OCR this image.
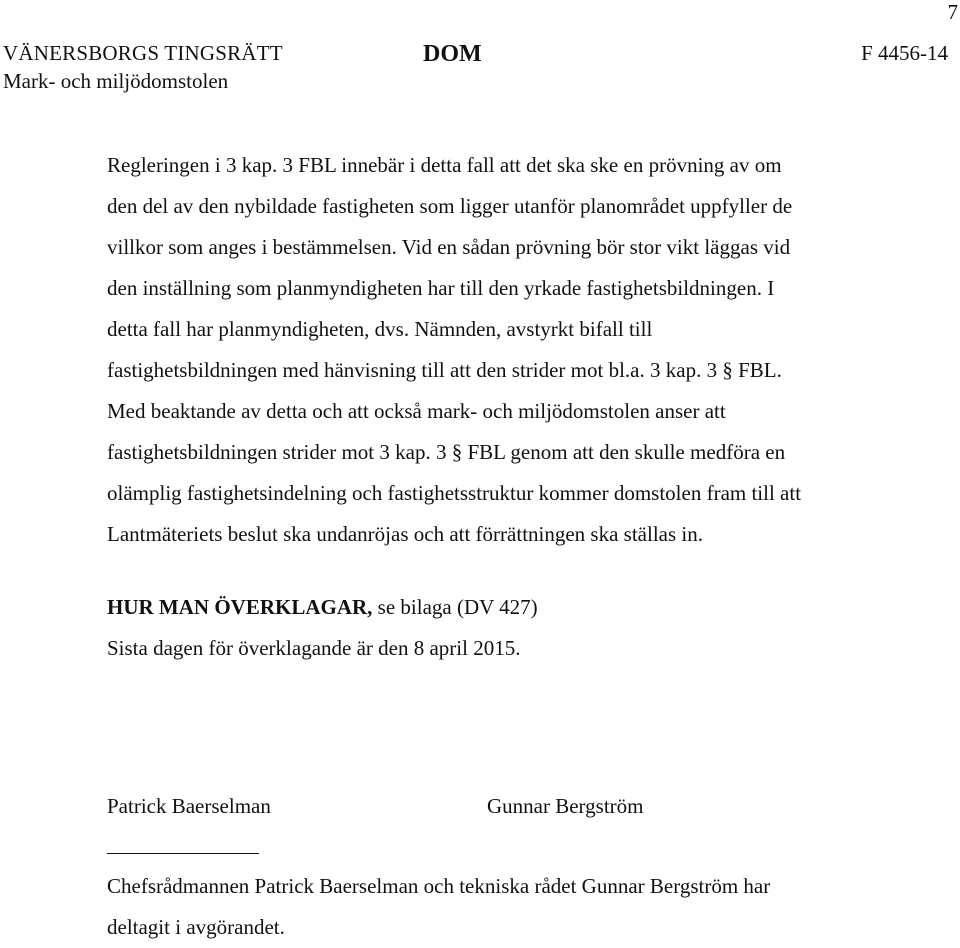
7
VÄNERSBORGS TINGSRÄTT
Mark- och miljödomstolen
DOM	F 4456-14
Regleringen i 3 kap. 3 FBL innebär i detta fall att det ska ske en prövning av om
den del av den nybildade fastigheten som ligger utanför planområdet uppfyller de
villkor som anges i bestämmelsen. Vid en sådan prövning bör stor vikt läggas vid
den inställning som planmyndigheten har till den yrkade fastighetsbildningen. I
detta fall har planmyndigheten, dvs. Nämnden, avstyrkt bifall till
fastighetsbildningen med hänvisning till att den strider mot bl.a. 3 kap. 3 § FBL.
Med beaktande av detta och att också mark- och miljödomstolen anser att
fastighetsbildningen strider mot 3 kap. 3 § FBL genom att den skulle medföra en
olämplig fastighetsindelning och fastighetsstruktur kommer domstolen fram till att
Lantmäteriets beslut ska undanröjas och att förrättningen ska ställas in.
HUR MAN ÖVERKLAGAR, se bilaga (DV 427)
Sista dagen för överklagande är den 8 april 2015.
Patrick Baerselman	Gunnar Bergström
Chefsrådmannen Patrick Baerselman och tekniska rådet Gunnar Bergström har
deltagit i avgörandet.
